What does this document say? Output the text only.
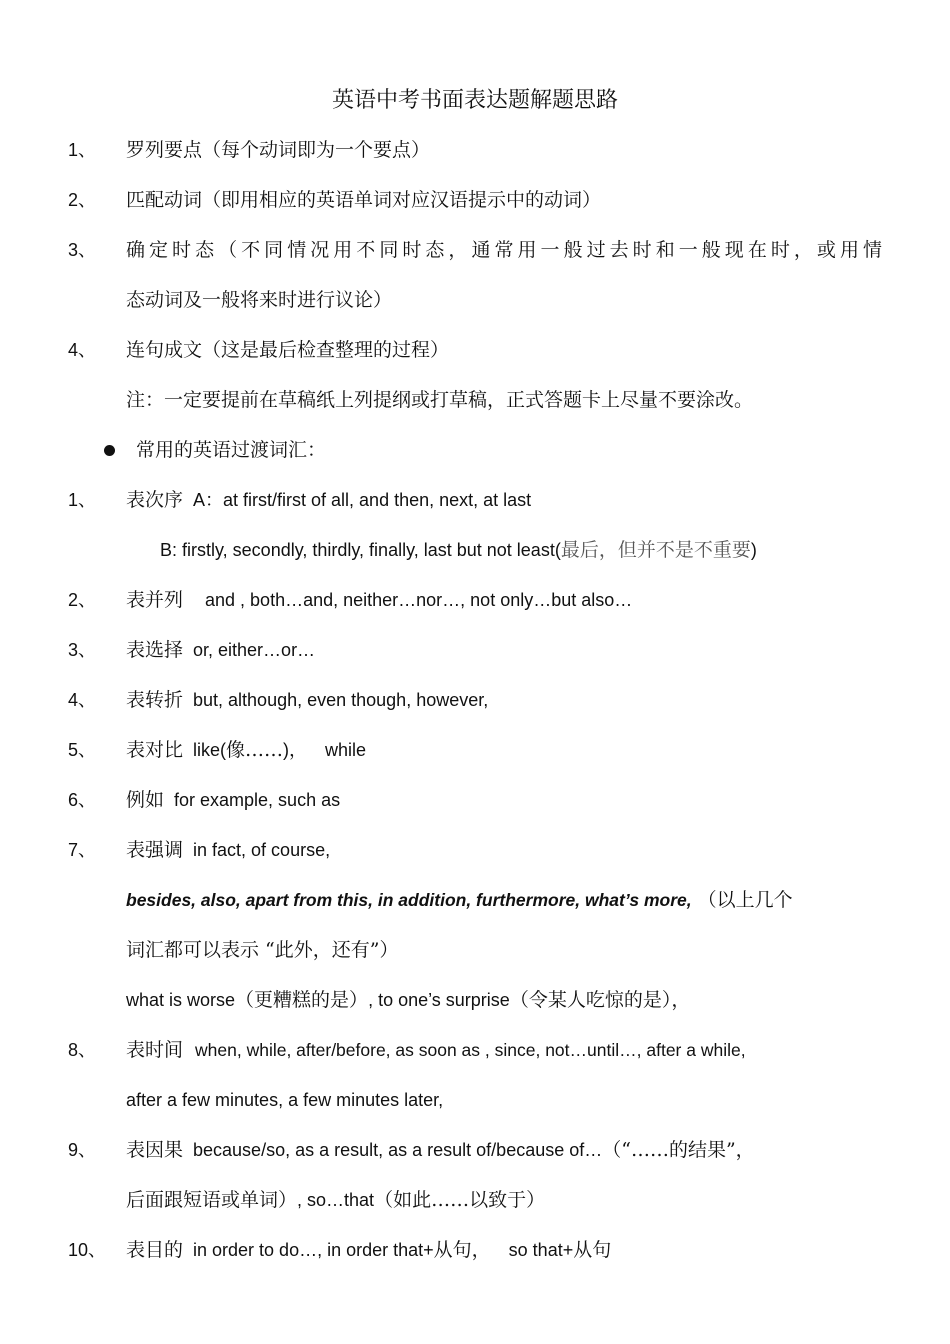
英语中考书面表达题解题思路
1、 罗列要点（每个动词即为一个要点）
2、 匹配动词（即用相应的英语单词对应汉语提示中的动词）
3、 确定时态（不同情况用不同时态，通常用一般过去时和一般现在时，或用情
态动词及一般将来时进行议论）
4、 连句成文（这是最后检查整理的过程）
注：一定要提前在草稿纸上列提纲或打草稿，正式答题卡上尽量不要涂改。
常用的英语过渡词汇：
1、 表次序 A：at first/first of all, and then, next, at last
B: firstly, secondly, thirdly, finally, last but not least(最后，但并不是不重要)
2、 表并列 and , both…and, neither…nor…, not only…but also…
3、 表选择 or, either…or…
4、 表转折 but, although, even though, however,
5、 表对比 like(像……)， while
6、 例如 for example, such as
7、 表强调 in fact, of course,
besides, also, apart from this, in addition, furthermore, what’s more, （以上几个
词汇都可以表示 “此外，还有”）
what is worse（更糟糕的是）, to one’s surprise（令某人吃惊的是），
8、 表时间 when, while, after/before, as soon as , since, not…until…, after a while,
after a few minutes, a few minutes later,
9、 表因果 because/so, as a result, as a result of/because of…（“……的结果”，
后面跟短语或单词）, so…that（如此……以致于）
10、 表目的 in order to do…, in order that+从句， so that+从句
